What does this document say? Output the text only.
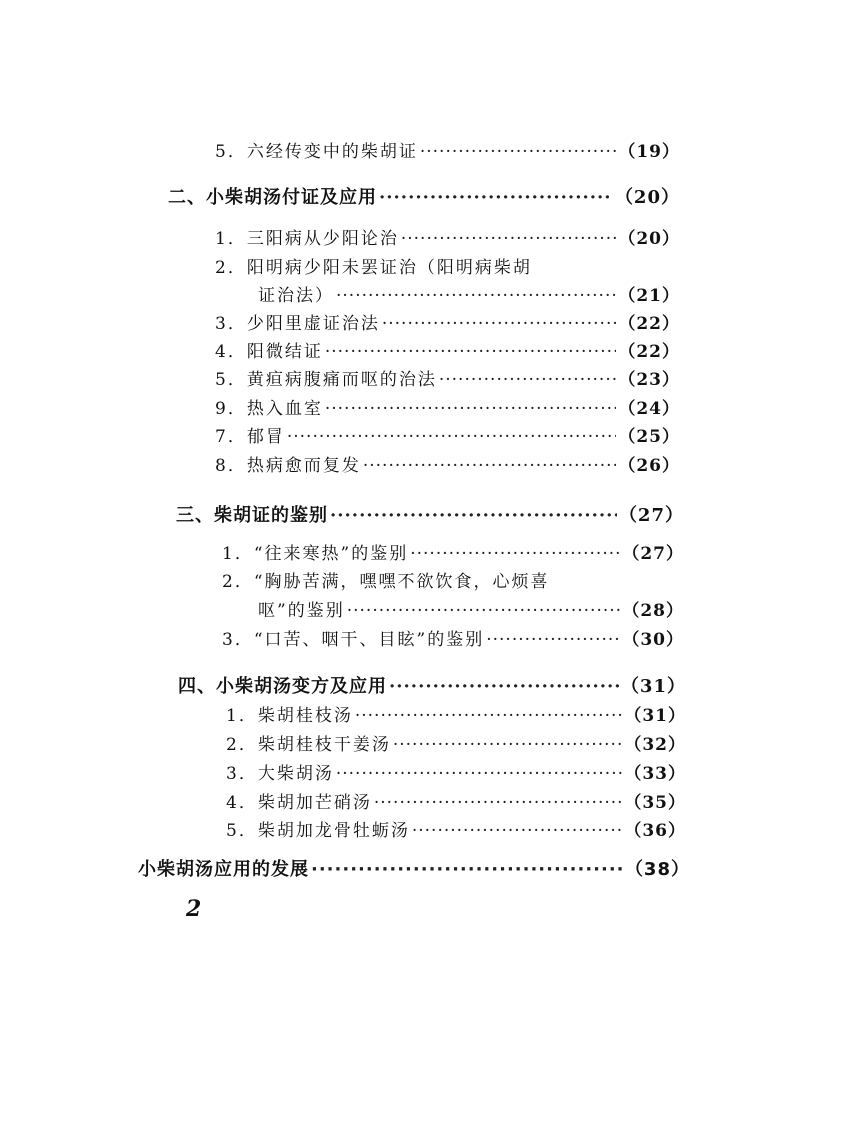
5．六经传变中的柴胡证 ·····	（19）
二、小柴胡汤付证及应用 ·····	（20）
1．三阳病从少阳论治 ·····	（20）
2．阳明病少阳未罢证治（阳明病柴胡
证治法） ·····	（21）
3．少阳里虚证治法 ·····	（22）
4．阳微结证 ·····	（22）
5．黄疸病腹痛而呕的治法 ·····	（23）
9．热入血室 ·····	（24）
7．郁冒 ·····	（25）
8．热病愈而复发 ·····	（26）
三、柴胡证的鉴别 ·····	（27）
1．“往来寒热”的鉴别 ·····	（27）
2．“胸胁苦满，嘿嘿不欲饮食，心烦喜
呕”的鉴别 ·····	（28）
3．“口苦、咽干、目眩”的鉴别 ·····	（30）
四、小柴胡汤变方及应用 ·····	（31）
1．柴胡桂枝汤 ·····	（31）
2．柴胡桂枝干姜汤 ·····	（32）
3．大柴胡汤 ·····	（33）
4．柴胡加芒硝汤 ·····	（35）
5．柴胡加龙骨牡蛎汤 ·····	（36）
小柴胡汤应用的发展 ·····	（38）
2
